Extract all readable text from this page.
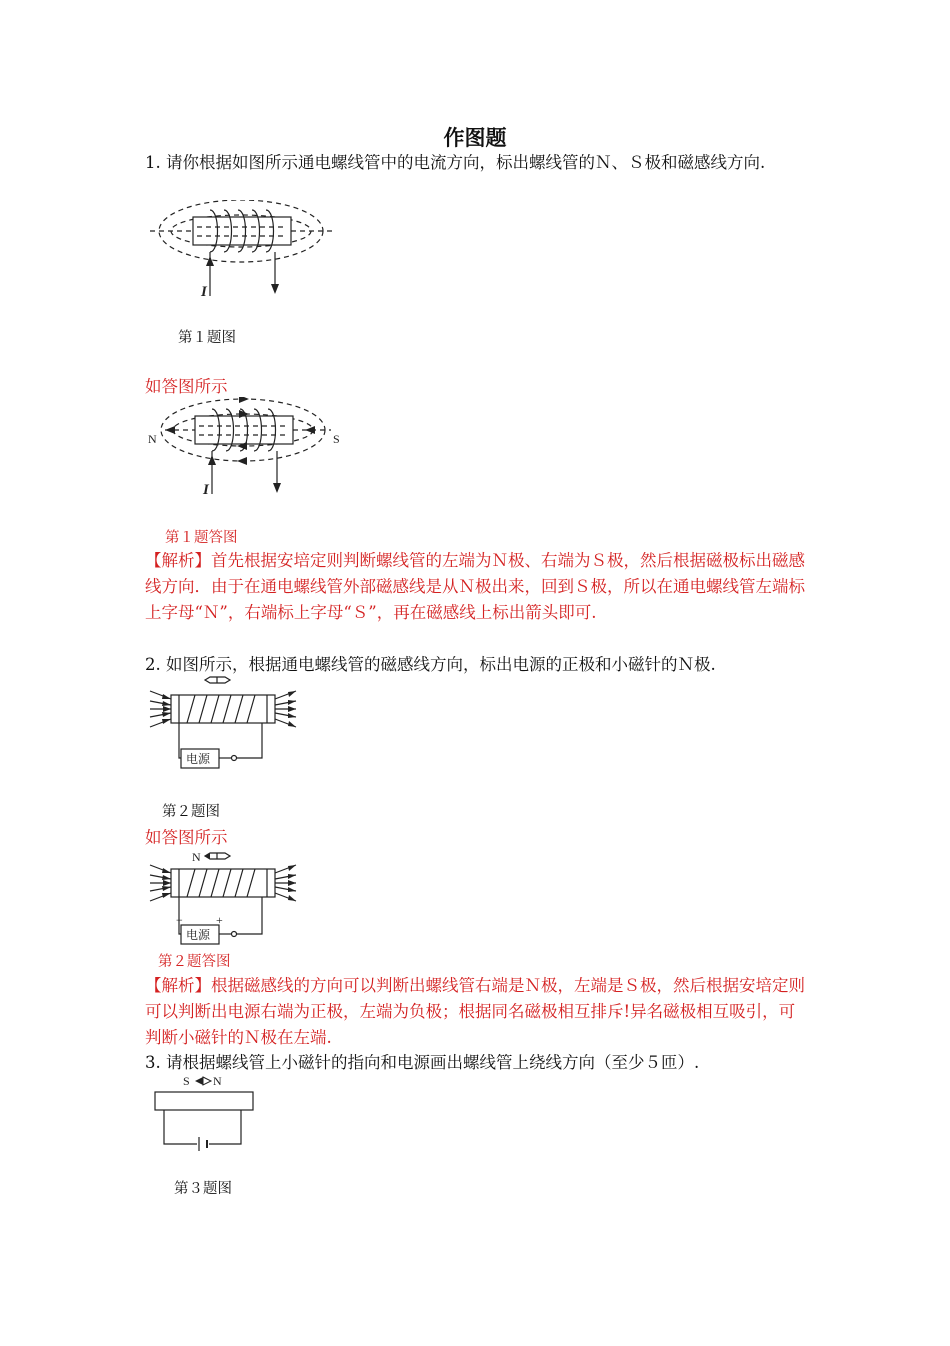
作图题
1. 请你根据如图所示通电螺线管中的电流方向，标出螺线管的Ｎ、Ｓ极和磁感线方向.
I
第１题图
如答图所示
N	S
I
第１题答图
【解析】首先根据安培定则判断螺线管的左端为Ｎ极、右端为Ｓ极，然后根据磁极标出磁感线方向．由于在通电螺线管外部磁感线是从Ｎ极出来，回到Ｓ极，所以在通电螺线管左端标上字母“Ｎ”，右端标上字母“Ｓ”，再在磁感线上标出箭头即可.
2. 如图所示，根据通电螺线管的磁感线方向，标出电源的正极和小磁针的Ｎ极.
电源
第２题图
如答图所示
N
−	+
电源
第２题答图
【解析】根据磁感线的方向可以判断出螺线管右端是Ｎ极，左端是Ｓ极，然后根据安培定则可以判断出电源右端为正极，左端为负极；根据同名磁极相互排斥!异名磁极相互吸引，可判断小磁针的Ｎ极在左端.
3. 请根据螺线管上小磁针的指向和电源画出螺线管上绕线方向（至少５匝）.
S N
第３题图
